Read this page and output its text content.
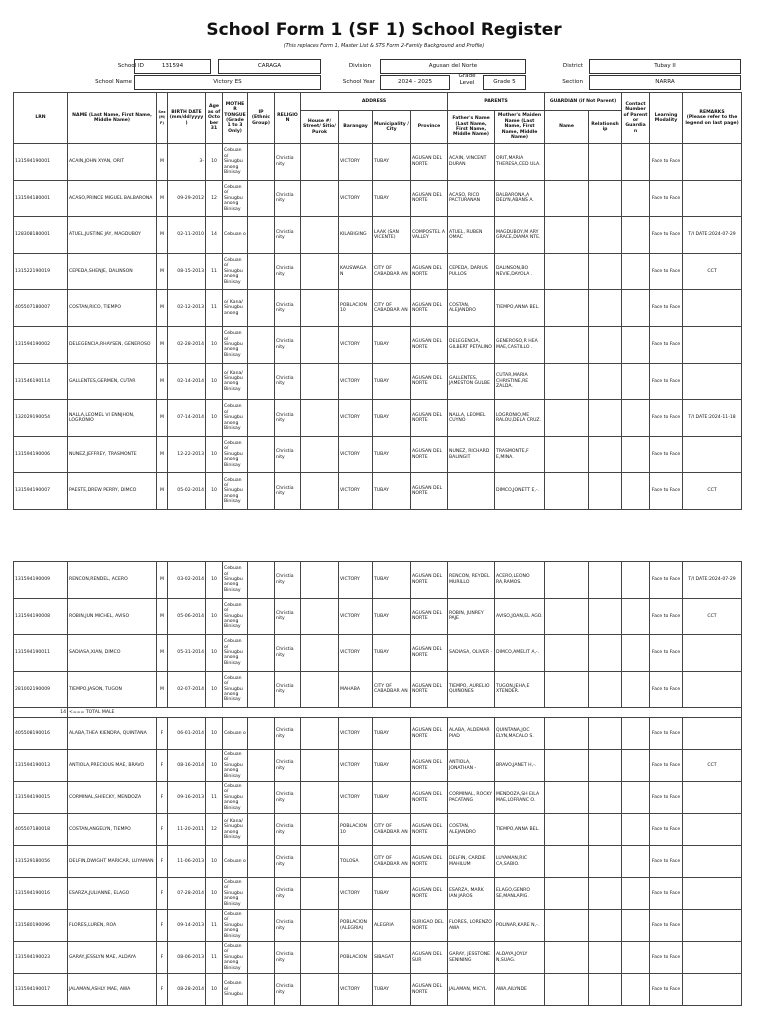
School Form 1 (SF 1) School Register
(This replaces Form 1, Master List & STS Form 2-Family Background and Profile)
School ID	131594	CARAGA	Division	Agusan del Norte	District	Tubay II
School Name	Victory ES	School Year	2024 - 2025
Grade Level	Grade 5	Section	NARRA
LRN	NAME (Last Name, First Name, Middle Name)	Sex (M/F)	BIRTH DATE (mm/dd/yyyy)	Age as of Octo ber 31	MOTHE R TONGUE (Grade 1 to 3 Only)	IP (Ethnic Group)	RELIGIO N	ADDRESS				PARENTS		GUARDIAN (if Not Parent)		Contact Number of Parent or Guardia n	Learning Modality	REMARKS
(Please refer to the legend on last page)
								House #/ Street/ Sitio/ Purok	Barangay	Municipality / City	Province	Father's Name (Last Name, First Name, Middle Name)	Mother's Maiden Name (Last Name, First Name, Middle Name)	Name	Relationsh ip			
131594190001	ACAIN,JOHN XYAN, ORIT	M	3-	10	Cebuan o/ Sinugbu anong Binisay		Christia nity		VICTORY	TUBAY	AGUSAN DEL NORTE	ACAIN, VINCENT DURAN	ORIT,MARIA THERESA,CED ULA.				Face to Face	
131594180001	ACASO,PRINCE MIGUEL BALBARONA	M	09-29-2012	12	Cebuan o/ Sinugbu anong Binisay		Christia nity		VICTORY	TUBAY	AGUSAN DEL NORTE	ACASO, RICO PACTURANAN	BALBARONA,A DELYN,ABANS A.				Face to Face	
128308180001	ATUEL,JUSTINE JAY, MAGDUBOY	M	02-11-2010	14	Cebuan o		Christia nity		KILABIGING	LAAK (SAN VICENTE)	COMPOSTEL A VALLEY	ATUEL, RUBEN OMAC	MAGDUBOY,M ARY GRACE,DIAMA NTE.				Face to Face	T/I DATE:2024-07-29
131522190019	CEPEDA,SHENJE, DALINSON	M	08-15-2013	11	Cebuan o/ Sinugbu anong Binisay		Christia nity		KAUSWAGA N	CITY OF CABADBAR AN	AGUSAN DEL NORTE	CEPEDA, DARIUS PULLOS	DALINSON,BO NEVIE,DAYOLA .				Face to Face	CCT
405507180007	COSTAN,RICO, TIEMPO	M	02-12-2013	11	o/ Kana/ Sinugbu anong		Christia nity		POBLACION 10	CITY OF CABADBAR AN	AGUSAN DEL NORTE	COSTAN, ALEJANDRO	TIEMPO,ANNA BEL.				Face to Face	
131594190002	DELEGENCIA,RHAYSEN, GENEROSO	M	02-28-2014	10	Cebuan o/ Sinugbu anong Binisay		Christia nity		VICTORY	TUBAY	AGUSAN DEL NORTE	DELEGENCIA, GILBERT PETALINO	GENEROSO,R HEA MAE,CASTILLO .				Face to Face	
131546190114	GALLENTES,GERMEN, CUTAR	M	02-14-2014	10	o/ Kana/ Sinugbu anong Binisay		Christia nity		VICTORY	TUBAY	AGUSAN DEL NORTE	GALLENTES, JAMESTON GULBE	CUTAR,MARIA CHRISTINE,RE ZALDA.				Face to Face	
132029190054	NALLA,LEOMEL VI ENNJHON, LOGRONIO	M	07-14-2014	10	Cebuan o/ Sinugbu anong Binisay		Christia nity		VICTORY	TUBAY	AGUSAN DEL NORTE	NALLA, LEOMEL CUYNO	LOGRONIO,ME RALOU,DELA CRUZ.				Face to Face	T/I DATE:2024-11-18
131594190006	NUNEZ,JEFFREY, TRASMONTE	M	12-22-2013	10	Cebuan o/ Sinugbu anong Binisay		Christia nity		VICTORY	TUBAY	AGUSAN DEL NORTE	NUNEZ, RICHARD BALINGIT	TRASMONTE,F E,MINA.				Face to Face	
131594190007	PAESTE,DREW PERRY, DIMCO	M	05-02-2014	10	Cebuan o/ Sinugbu anong Binisay		Christia nity		VICTORY	TUBAY	AGUSAN DEL NORTE		DIMCO,JONETT E,-.				Face to Face	CCT
131594190009	RENCON,RENDEL, ACERO	M	03-02-2014	10	Cebuan o/ Sinugbu anong Binisay		Christia nity		VICTORY	TUBAY	AGUSAN DEL NORTE	RENCON, REYDEL MURILLO	ACERO,LEONO RA,RAMOS.				Face to Face	T/I DATE:2024-07-29
131594190008	ROBIN,JUN MICHEL, AVISO	M	05-06-2014	10	Cebuan o/ Sinugbu anong Binisay		Christia nity		VICTORY	TUBAY	AGUSAN DEL NORTE	ROBIN, JUNREY PAJE	AVISO,JOAN,EL AGO.				Face to Face	CCT
131594190011	SADIASA,XIAN, DIMCO	M	05-31-2014	10	Cebuan o/ Sinugbu anong Binisay		Christia nity		VICTORY	TUBAY	AGUSAN DEL NORTE	SADIASA, OLIVER -	DIMCO,AMELIT A,-.				Face to Face	
281002190009	TIEMPO,JASON, TUGON	M	02-07-2014	10	Cebuan o/ Sinugbu anong Binisay		Christia nity		MAHABA	CITY OF CABADBAR AN	AGUSAN DEL NORTE	TIEMPO, AURELIO QUIÑONES	TUGON,JEHA,E XTENDER.				Face to Face	
14	<=== TOTAL MALE																	
405508190016	ALABA,THEA KIENDRA, QUINTANA	F	06-01-2014	10	Cebuan o		Christia nity		VICTORY	TUBAY	AGUSAN DEL NORTE	ALABA, ALDEMAR PIAD	QUINTANA,JOC ELYN,MACALO S.				Face to Face	
131594190013	ANTIOLA,PRECIOUS MAE, BRAVO	F	08-16-2014	10	Cebuan o/ Sinugbu anong Binisay		Christia nity		VICTORY	TUBAY	AGUSAN DEL NORTE	ANTIOLA, JONATHAN -	BRAVO,JANET H,-.				Face to Face	CCT
131594190015	CORMINAL,SHIECKY, MENDOZA	F	09-16-2013	11	Cebuan o/ Sinugbu anong Binisay		Christia nity		VICTORY	TUBAY	AGUSAN DEL NORTE	CORMINAL, ROCKY PACATANG	MENDOZA,SH EILA MAE,LOFRANC O.				Face to Face	
405507180018	COSTAN,ANGELYN, TIEMPO	F	11-20-2011	12	o/ Kana/ Sinugbu anong Binisay		Christia nity		POBLACION 10	CITY OF CABADBAR AN	AGUSAN DEL NORTE	COSTAN, ALEJANDRO	TIEMPO,ANNA BEL.				Face to Face	
131529180056	DELFIN,DWIGHT MARICAR, LUYAMAN	F	11-06-2013	10	Cebuan o		Christia nity		TOLOSA	CITY OF CABADBAR AN	AGUSAN DEL NORTE	DELFIN, CARDIE MAHILUM	LUYAMAN,RIC CA,SABIO.				Face to Face	
131594190016	ESARZA,JULIANNE, ELAGO	F	07-28-2014	10	Cebuan o/ Sinugbu anong Binisay		Christia nity		VICTORY	TUBAY	AGUSAN DEL NORTE	ESARZA, MARK IAN JAROS	ELAGO,GENRO SE,MANLAPIG.				Face to Face	
131580190096	FLORES,LUREN, ROA	F	09-14-2013	11	Cebuan o/ Sinugbu anong Binisay		Christia nity		POBLACION (ALEGRIA)	ALEGRIA	SURIGAO DEL NORTE	FLORES, LORENZO AWA	POLINAR,KARE N,-.				Face to Face	
131594190023	GARAY,JESSLYN MAE, ALDAYA	F	08-06-2013	11	Cebuan o/ Sinugbu anong Binisay		Christia nity		POBLACION	SIBAGAT	AGUSAN DEL SUR	GARAY, JESSTONE SENINING	ALDAYA,JOYLY N,SUAG.				Face to Face	
131594190017	JALAMAN,ASHLY MAE, AWA	F	08-28-2014	10	Cebuan o/ Sinugbu		Christia nity		VICTORY	TUBAY	AGUSAN DEL NORTE	JALAMAN, MICYL	AWA,AILYNDE				Face to Face	
